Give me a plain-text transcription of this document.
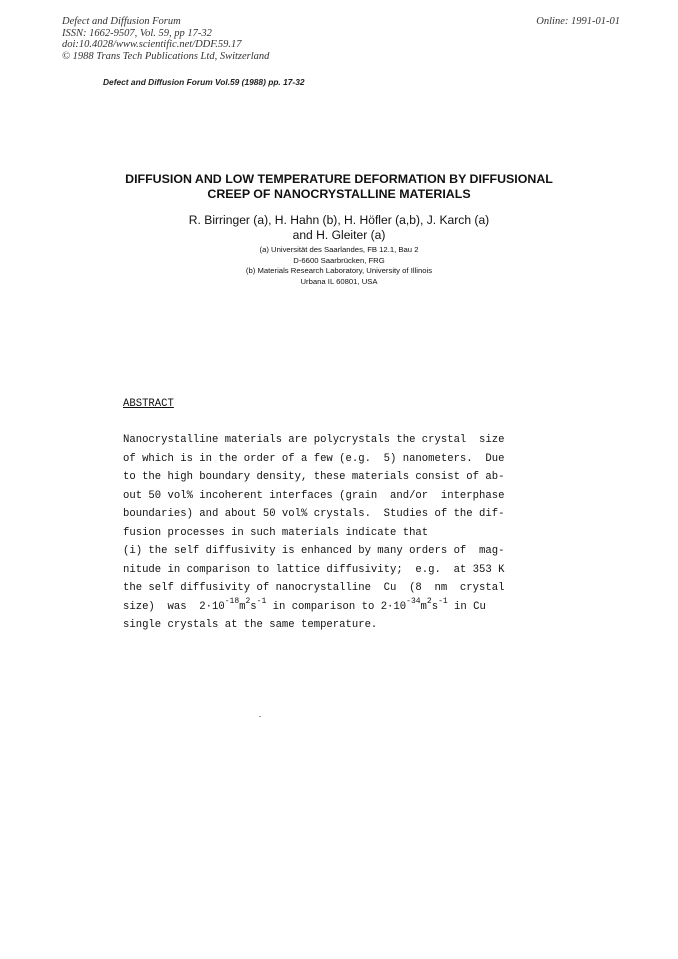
Defect and Diffusion Forum
ISSN: 1662-9507, Vol. 59, pp 17-32
doi:10.4028/www.scientific.net/DDF.59.17
© 1988 Trans Tech Publications Ltd, Switzerland
Online: 1991-01-01
Defect and Diffusion Forum Vol.59 (1988) pp. 17-32
DIFFUSION AND LOW TEMPERATURE DEFORMATION BY DIFFUSIONAL
CREEP OF NANOCRYSTALLINE MATERIALS
R. Birringer (a), H. Hahn (b), H. Höfler (a,b), J. Karch (a)
and H. Gleiter (a)
(a) Universität des Saarlandes, FB 12.1, Bau 2
D-6600 Saarbrücken, FRG
(b) Materials Research Laboratory, University of Illinois
Urbana IL 60801, USA
ABSTRACT
Nanocrystalline materials are polycrystals the crystal  size
of which is in the order of a few (e.g.  5) nanometers.  Due
to the high boundary density, these materials consist of ab-
out 50 vol% incoherent interfaces (grain  and/or  interphase
boundaries) and about 50 vol% crystals.  Studies of the dif-
fusion processes in such materials indicate that
(i) the self diffusivity is enhanced by many orders of  mag-
nitude in comparison to lattice diffusivity;  e.g.  at 353 K
the self diffusivity of nanocrystalline  Cu  (8  nm  crystal
size)  was  $2\cdot 10^{-18}m^2s^{-1}$ in comparison to $2\cdot 10^{-34}m^2s^{-1}$ in Cu
single crystals at the same temperature.
